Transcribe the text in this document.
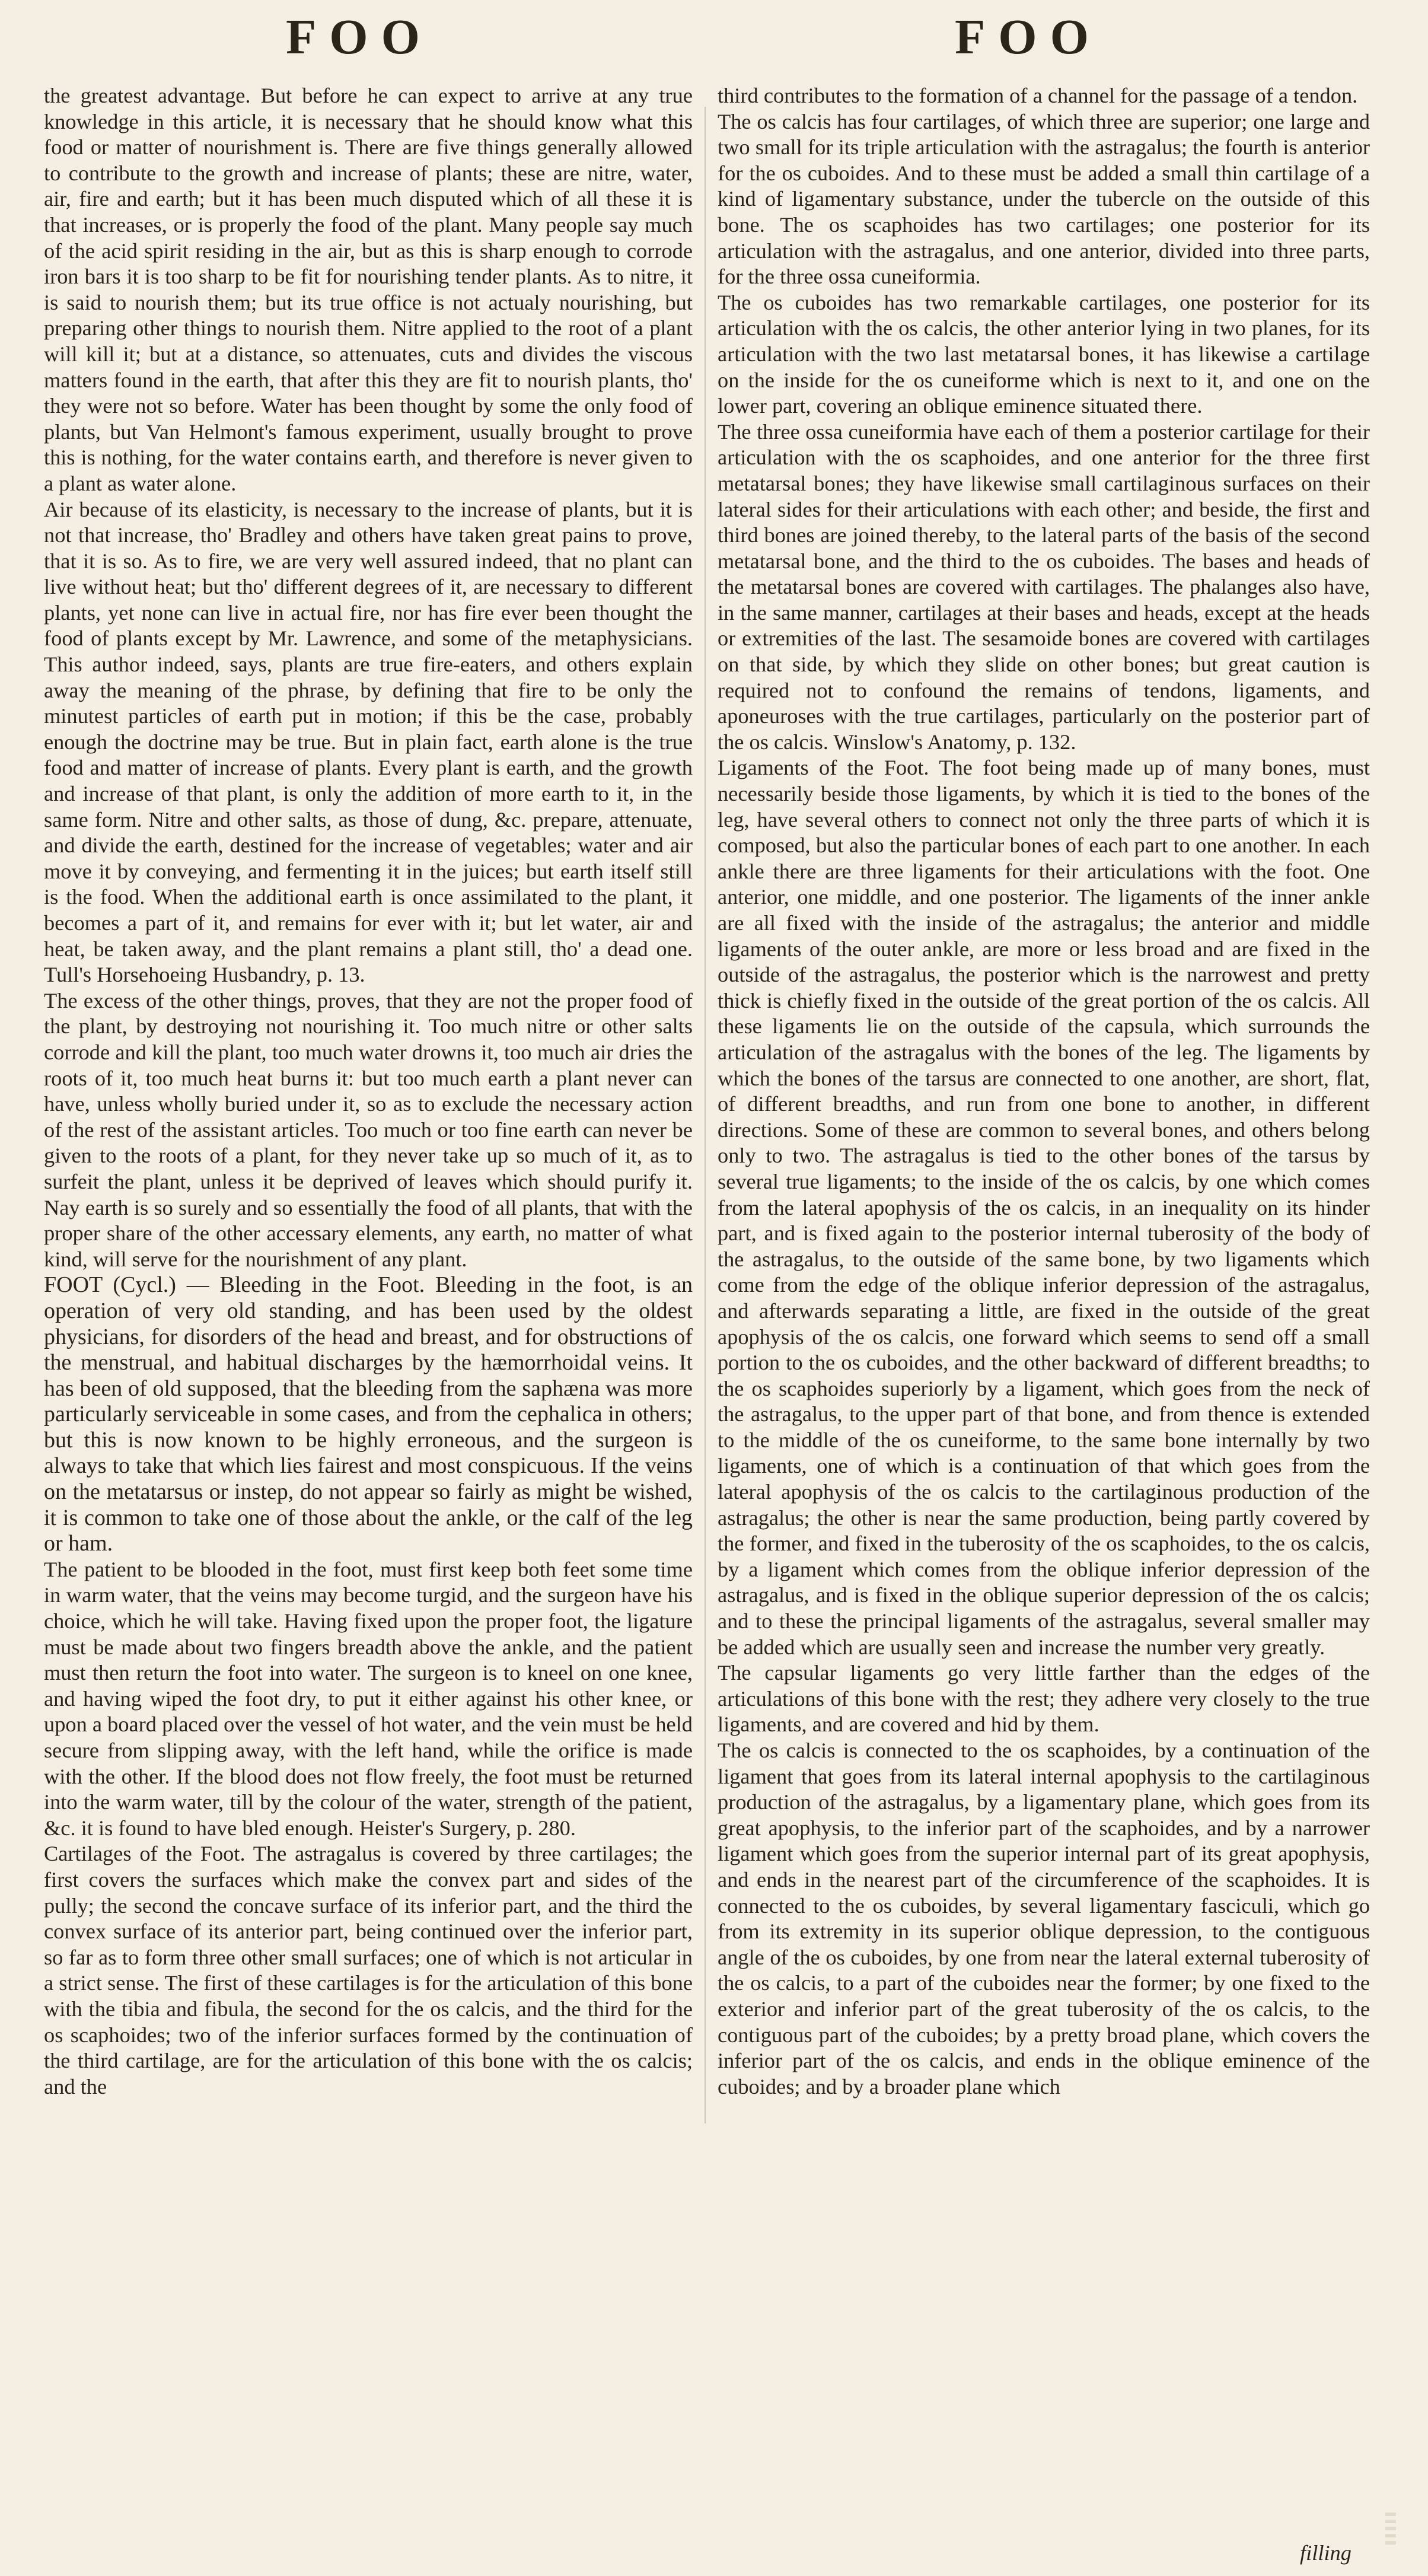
FOO	FOO

the greatest advantage. But before he can expect to arrive at any true knowledge in this article, it is necessary that he should know what this food or matter of nourishment is. There are five things generally allowed to contribute to the growth and increase of plants; these are nitre, water, air, fire and earth; but it has been much disputed which of all these it is that increases, or is properly the food of the plant. Many people say much of the acid spirit residing in the air, but as this is sharp enough to corrode iron bars it is too sharp to be fit for nourishing tender plants. As to nitre, it is said to nourish them; but its true office is not actualy nourishing, but preparing other things to nourish them. Nitre applied to the root of a plant will kill it; but at a distance, so attenuates, cuts and divides the viscous matters found in the earth, that after this they are fit to nourish plants, tho' they were not so before. Water has been thought by some the only food of plants, but Van Helmont's famous experiment, usually brought to prove this is nothing, for the water contains earth, and therefore is never given to a plant as water alone.

Air because of its elasticity, is necessary to the increase of plants, but it is not that increase, tho' Bradley and others have taken great pains to prove, that it is so. As to fire, we are very well assured indeed, that no plant can live without heat; but tho' different degrees of it, are necessary to different plants, yet none can live in actual fire, nor has fire ever been thought the food of plants except by Mr. Lawrence, and some of the metaphysicians. This author indeed, says, plants are true fire-eaters, and others explain away the meaning of the phrase, by defining that fire to be only the minutest particles of earth put in motion; if this be the case, probably enough the doctrine may be true. But in plain fact, earth alone is the true food and matter of increase of plants. Every plant is earth, and the growth and increase of that plant, is only the addition of more earth to it, in the same form. Nitre and other salts, as those of dung, &c. prepare, attenuate, and divide the earth, destined for the increase of vegetables; water and air move it by conveying, and fermenting it in the juices; but earth itself still is the food. When the additional earth is once assimilated to the plant, it becomes a part of it, and remains for ever with it; but let water, air and heat, be taken away, and the plant remains a plant still, tho' a dead one. Tull's Horsehoeing Husbandry, p. 13.

The excess of the other things, proves, that they are not the proper food of the plant, by destroying not nourishing it. Too much nitre or other salts corrode and kill the plant, too much water drowns it, too much air dries the roots of it, too much heat burns it: but too much earth a plant never can have, unless wholly buried under it, so as to exclude the necessary action of the rest of the assistant articles. Too much or too fine earth can never be given to the roots of a plant, for they never take up so much of it, as to surfeit the plant, unless it be deprived of leaves which should purify it. Nay earth is so surely and so essentially the food of all plants, that with the proper share of the other accessary elements, any earth, no matter of what kind, will serve for the nourishment of any plant.

FOOT (Cycl.) — Bleeding in the Foot. Bleeding in the foot, is an operation of very old standing, and has been used by the oldest physicians, for disorders of the head and breast, and for obstructions of the menstrual, and habitual discharges by the hæmorrhoidal veins. It has been of old supposed, that the bleeding from the saphæna was more particularly serviceable in some cases, and from the cephalica in others; but this is now known to be highly erroneous, and the surgeon is always to take that which lies fairest and most conspicuous. If the veins on the metatarsus or instep, do not appear so fairly as might be wished, it is common to take one of those about the ankle, or the calf of the leg or ham.

The patient to be blooded in the foot, must first keep both feet some time in warm water, that the veins may become turgid, and the surgeon have his choice, which he will take. Having fixed upon the proper foot, the ligature must be made about two fingers breadth above the ankle, and the patient must then return the foot into water. The surgeon is to kneel on one knee, and having wiped the foot dry, to put it either against his other knee, or upon a board placed over the vessel of hot water, and the vein must be held secure from slipping away, with the left hand, while the orifice is made with the other. If the blood does not flow freely, the foot must be returned into the warm water, till by the colour of the water, strength of the patient, &c. it is found to have bled enough. Heister's Surgery, p. 280.

Cartilages of the Foot. The astragalus is covered by three cartilages; the first covers the surfaces which make the convex part and sides of the pully; the second the concave surface of its inferior part, and the third the convex surface of its anterior part, being continued over the inferior part, so far as to form three other small surfaces; one of which is not articular in a strict sense. The first of these cartilages is for the articulation of this bone with the tibia and fibula, the second for the os calcis, and the third for the os scaphoides; two of the inferior surfaces formed by the continuation of the third cartilage, are for the articulation of this bone with the os calcis; and the

third contributes to the formation of a channel for the passage of a tendon.

The os calcis has four cartilages, of which three are superior; one large and two small for its triple articulation with the astragalus; the fourth is anterior for the os cuboides. And to these must be added a small thin cartilage of a kind of ligamentary substance, under the tubercle on the outside of this bone. The os scaphoides has two cartilages; one posterior for its articulation with the astragalus, and one anterior, divided into three parts, for the three ossa cuneiformia.

The os cuboides has two remarkable cartilages, one posterior for its articulation with the os calcis, the other anterior lying in two planes, for its articulation with the two last metatarsal bones, it has likewise a cartilage on the inside for the os cuneiforme which is next to it, and one on the lower part, covering an oblique eminence situated there.

The three ossa cuneiformia have each of them a posterior cartilage for their articulation with the os scaphoides, and one anterior for the three first metatarsal bones; they have likewise small cartilaginous surfaces on their lateral sides for their articulations with each other; and beside, the first and third bones are joined thereby, to the lateral parts of the basis of the second metatarsal bone, and the third to the os cuboides. The bases and heads of the metatarsal bones are covered with cartilages. The phalanges also have, in the same manner, cartilages at their bases and heads, except at the heads or extremities of the last. The sesamoide bones are covered with cartilages on that side, by which they slide on other bones; but great caution is required not to confound the remains of tendons, ligaments, and aponeuroses with the true cartilages, particularly on the posterior part of the os calcis. Winslow's Anatomy, p. 132.

Ligaments of the Foot. The foot being made up of many bones, must necessarily beside those ligaments, by which it is tied to the bones of the leg, have several others to connect not only the three parts of which it is composed, but also the particular bones of each part to one another. In each ankle there are three ligaments for their articulations with the foot. One anterior, one middle, and one posterior. The ligaments of the inner ankle are all fixed with the inside of the astragalus; the anterior and middle ligaments of the outer ankle, are more or less broad and are fixed in the outside of the astragalus, the posterior which is the narrowest and pretty thick is chiefly fixed in the outside of the great portion of the os calcis. All these ligaments lie on the outside of the capsula, which surrounds the articulation of the astragalus with the bones of the leg. The ligaments by which the bones of the tarsus are connected to one another, are short, flat, of different breadths, and run from one bone to another, in different directions. Some of these are common to several bones, and others belong only to two. The astragalus is tied to the other bones of the tarsus by several true ligaments; to the inside of the os calcis, by one which comes from the lateral apophysis of the os calcis, in an inequality on its hinder part, and is fixed again to the posterior internal tuberosity of the body of the astragalus, to the outside of the same bone, by two ligaments which come from the edge of the oblique inferior depression of the astragalus, and afterwards separating a little, are fixed in the outside of the great apophysis of the os calcis, one forward which seems to send off a small portion to the os cuboides, and the other backward of different breadths; to the os scaphoides superiorly by a ligament, which goes from the neck of the astragalus, to the upper part of that bone, and from thence is extended to the middle of the os cuneiforme, to the same bone internally by two ligaments, one of which is a continuation of that which goes from the lateral apophysis of the os calcis to the cartilaginous production of the astragalus; the other is near the same production, being partly covered by the former, and fixed in the tuberosity of the os scaphoides, to the os calcis, by a ligament which comes from the oblique inferior depression of the astragalus, and is fixed in the oblique superior depression of the os calcis; and to these the principal ligaments of the astragalus, several smaller may be added which are usually seen and increase the number very greatly.

The capsular ligaments go very little farther than the edges of the articulations of this bone with the rest; they adhere very closely to the true ligaments, and are covered and hid by them.

The os calcis is connected to the os scaphoides, by a continuation of the ligament that goes from its lateral internal apophysis to the cartilaginous production of the astragalus, by a ligamentary plane, which goes from its great apophysis, to the inferior part of the scaphoides, and by a narrower ligament which goes from the superior internal part of its great apophysis, and ends in the nearest part of the circumference of the scaphoides. It is connected to the os cuboides, by several ligamentary fasciculi, which go from its extremity in its superior oblique depression, to the contiguous angle of the os cuboides, by one from near the lateral external tuberosity of the os calcis, to a part of the cuboides near the former; by one fixed to the exterior and inferior part of the great tuberosity of the os calcis, to the contiguous part of the cuboides; by a pretty broad plane, which covers the inferior part of the os calcis, and ends in the oblique eminence of the cuboides; and by a broader plane which

filling
